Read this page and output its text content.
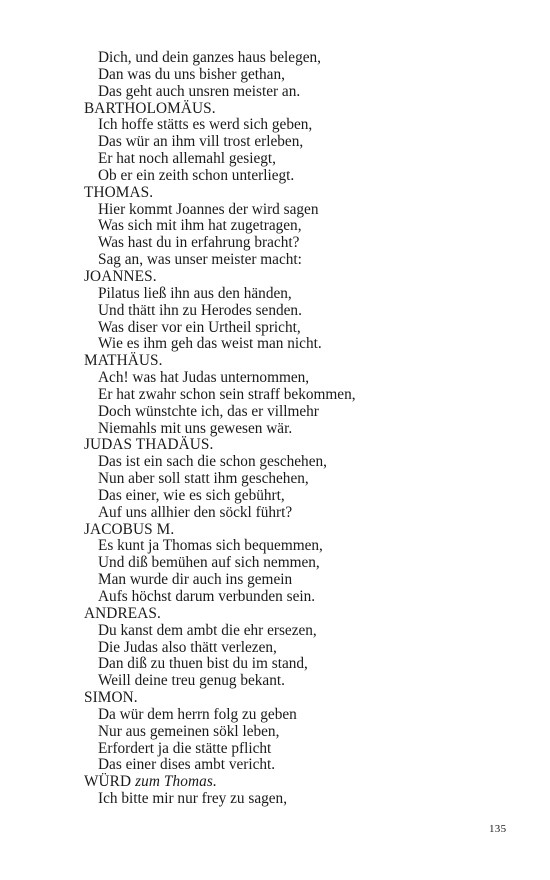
Dich, und dein ganzes haus belegen,
Dan was du uns bisher gethan,
Das geht auch unsren meister an.
BARTHOLOMÄUS.
Ich hoffe stätts es werd sich geben,
Das wür an ihm vill trost erleben,
Er hat noch allemahl gesiegt,
Ob er ein zeith schon unterliegt.
THOMAS.
Hier kommt Joannes der wird sagen
Was sich mit ihm hat zugetragen,
Was hast du in erfahrung bracht?
Sag an, was unser meister macht:
JOANNES.
Pilatus ließ ihn aus den händen,
Und thätt ihn zu Herodes senden.
Was diser vor ein Urtheil spricht,
Wie es ihm geh das weist man nicht.
MATHÄUS.
Ach! was hat Judas unternommen,
Er hat zwahr schon sein straff bekommen,
Doch wünstchte ich, das er villmehr
Niemahls mit uns gewesen wär.
JUDAS THADÄUS.
Das ist ein sach die schon geschehen,
Nun aber soll statt ihm geschehen,
Das einer, wie es sich gebührt,
Auf uns allhier den söckl führt?
JACOBUS M.
Es kunt ja Thomas sich bequemmen,
Und diß bemühen auf sich nemmen,
Man wurde dir auch ins gemein
Aufs höchst darum verbunden sein.
ANDREAS.
Du kanst dem ambt die ehr ersezen,
Die Judas also thätt verlezen,
Dan diß zu thuen bist du im stand,
Weill deine treu genug bekant.
SIMON.
Da wür dem herrn folg zu geben
Nur aus gemeinen sökl leben,
Erfordert ja die stätte pflicht
Das einer dises ambt vericht.
WÜRD zum Thomas.
Ich bitte mir nur frey zu sagen,
135
